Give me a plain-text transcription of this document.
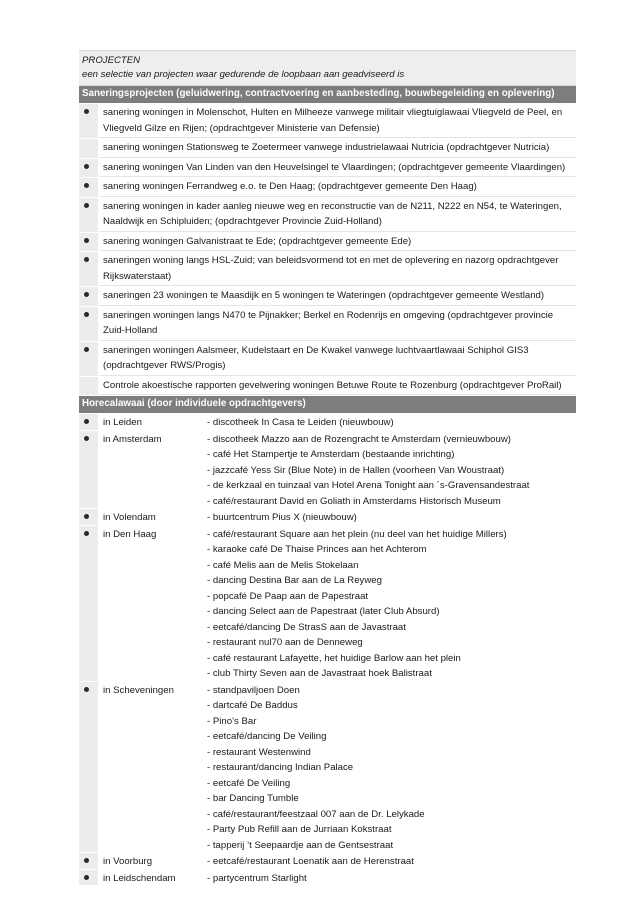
PROJECTEN
een selectie van projecten waar gedurende de loopbaan aan geadviseerd is
Saneringsprojecten (geluidwering, contractvoering en aanbesteding, bouwbegeleiding en oplevering)
sanering woningen in Molenschot, Hulten en Milheeze vanwege militair vliegtuiglawaai Vliegveld de Peel, en
Vliegveld Gilze en Rijen; (opdrachtgever Ministerie van Defensie)
sanering woningen Stationsweg te Zoetermeer vanwege industrielawaai Nutricia (opdrachtgever Nutricia)
sanering woningen Van Linden van den Heuvelsingel te Vlaardingen; (opdrachtgever gemeente Vlaardingen)
sanering woningen Ferrandweg e.o. te Den Haag; (opdrachtgever gemeente Den Haag)
sanering woningen in kader aanleg nieuwe weg en reconstructie van de N211, N222 en N54, te Wateringen,
Naaldwijk en Schipluiden; (opdrachtgever Provincie Zuid-Holland)
sanering woningen Galvanistraat te Ede; (opdrachtgever gemeente Ede)
saneringen woning langs HSL-Zuid; van beleidsvormend tot en met de oplevering en nazorg opdrachtgever
Rijkswaterstaat)
saneringen 23 woningen te Maasdijk en 5 woningen te Wateringen (opdrachtgever gemeente Westland)
saneringen woningen langs N470 te Pijnakker; Berkel en Rodenrijs en omgeving (opdrachtgever provincie
Zuid-Holland
saneringen woningen Aalsmeer, Kudelstaart en De Kwakel vanwege luchtvaartlawaai Schiphol GIS3
(opdrachtgever RWS/Progis)
Controle akoestische rapporten gevelwering woningen Betuwe Route te Rozenburg (opdrachtgever ProRail)
Horecalawaai (door individuele opdrachtgevers)
in Leiden	- discotheek In Casa te Leiden (nieuwbouw)
in Amsterdam	- discotheek Mazzo aan de Rozengracht te Amsterdam (vernieuwbouw)
- café Het Stampertje te Amsterdam (bestaande inrichting)
- jazzcafé Yess Sir (Blue Note) in de Hallen (voorheen Van Woustraat)
- de kerkzaal en tuinzaal van Hotel Arena Tonight aan ´s-Gravensandestraat
- café/restaurant David en Goliath in Amsterdams Historisch Museum
in Volendam	- buurtcentrum Pius X (nieuwbouw)
in Den Haag	- café/restaurant Square aan het plein (nu deel van het huidige Millers)
- karaoke café De Thaise Princes aan het Achterom
- café Melis aan de Melis Stokelaan
- dancing Destina Bar aan de La Reyweg
- popcafé De Paap aan de Papestraat
- dancing Select aan de Papestraat (later Club Absurd)
- eetcafé/dancing De StrasS aan de Javastraat
- restaurant nul70 aan de Denneweg
- café restaurant Lafayette, het huidige Barlow aan het plein
- club Thirty Seven aan de Javastraat hoek Balistraat
in Scheveningen	- standpaviljoen Doen
- dartcafé De Baddus
- Pino’s Bar
- eetcafé/dancing De Veiling
- restaurant Westenwind
- restaurant/dancing Indian Palace
- eetcafé De Veiling
- bar Dancing Tumble
- café/restaurant/feestzaal 007 aan de Dr. Lelykade
- Party Pub Refill aan de Jurriaan Kokstraat
- tapperij ’t Seepaardje aan de Gentsestraat
in Voorburg	- eetcafé/restaurant Loenatik aan de Herenstraat
in Leidschendam	- partycentrum Starlight
